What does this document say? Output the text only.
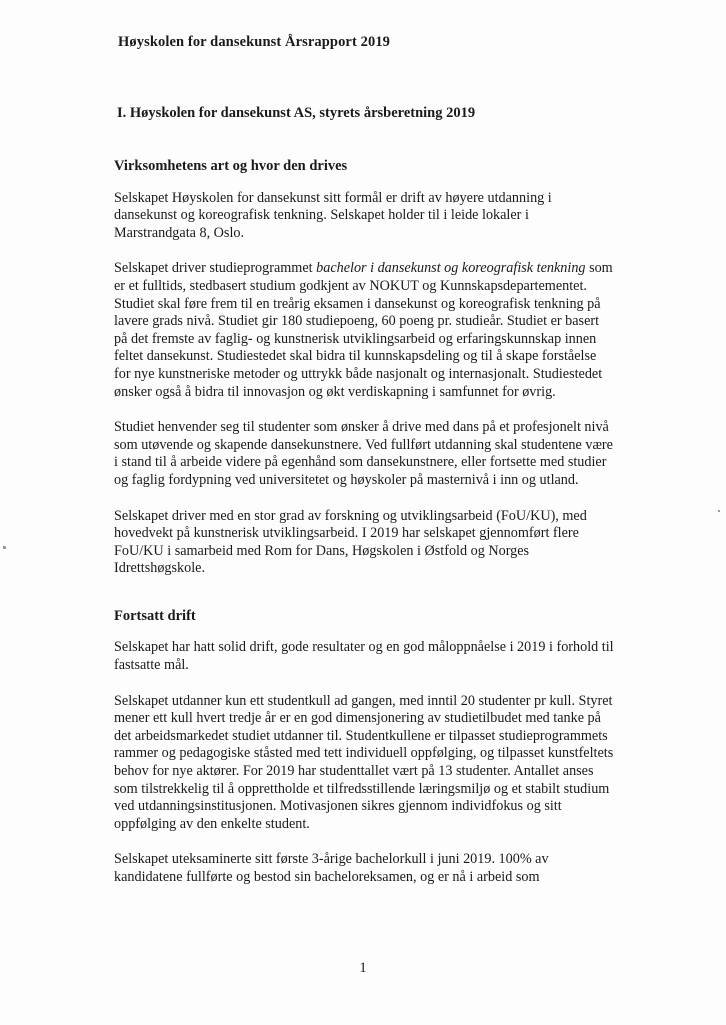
Høyskolen for dansekunst Årsrapport 2019
I. Høyskolen for dansekunst AS, styrets årsberetning 2019
Virksomhetens art og hvor den drives

Selskapet Høyskolen for dansekunst sitt formål er drift av høyere utdanning i dansekunst og koreografisk tenkning. Selskapet holder til i leide lokaler i Marstrandgata 8, Oslo.

Selskapet driver studieprogrammet bachelor i dansekunst og koreografisk tenkning som er et fulltids, stedbasert studium godkjent av NOKUT og Kunnskapsdepartementet. Studiet skal føre frem til en treårig eksamen i dansekunst og koreografisk tenkning på lavere grads nivå. Studiet gir 180 studiepoeng, 60 poeng pr. studieår. Studiet er basert på det fremste av faglig- og kunstnerisk utviklingsarbeid og erfaringskunnskap innen feltet dansekunst. Studiestedet skal bidra til kunnskapsdeling og til å skape forståelse for nye kunstneriske metoder og uttrykk både nasjonalt og internasjonalt. Studiestedet ønsker også å bidra til innovasjon og økt verdiskapning i samfunnet for øvrig.

Studiet henvender seg til studenter som ønsker å drive med dans på et profesjonelt nivå som utøvende og skapende dansekunstnere. Ved fullført utdanning skal studentene være i stand til å arbeide videre på egenhånd som dansekunstnere, eller fortsette med studier og faglig fordypning ved universitetet og høyskoler på masternivå i inn og utland.

Selskapet driver med en stor grad av forskning og utviklingsarbeid (FoU/KU), med hovedvekt på kunstnerisk utviklingsarbeid. I 2019 har selskapet gjennomført flere FoU/KU i samarbeid med Rom for Dans, Høgskolen i Østfold og Norges Idrettshøgskole.

Fortsatt drift

Selskapet har hatt solid drift, gode resultater og en god måloppnåelse i 2019 i forhold til fastsatte mål.

Selskapet utdanner kun ett studentkull ad gangen, med inntil 20 studenter pr kull. Styret mener ett kull hvert tredje år er en god dimensjonering av studietilbudet med tanke på det arbeidsmarkedet studiet utdanner til. Studentkullene er tilpasset studieprogrammets rammer og pedagogiske ståsted med tett individuell oppfølging, og tilpasset kunstfeltets behov for nye aktører. For 2019 har studenttallet vært på 13 studenter. Antallet anses som tilstrekkelig til å opprettholde et tilfredsstillende læringsmiljø og et stabilt studium ved utdanningsinstitusjonen. Motivasjonen sikres gjennom individfokus og sitt oppfølging av den enkelte student.

Selskapet uteksaminerte sitt første 3-årige bachelorkull i juni 2019. 100% av kandidatene fullførte og bestod sin bacheloreksamen, og er nå i arbeid som

1
